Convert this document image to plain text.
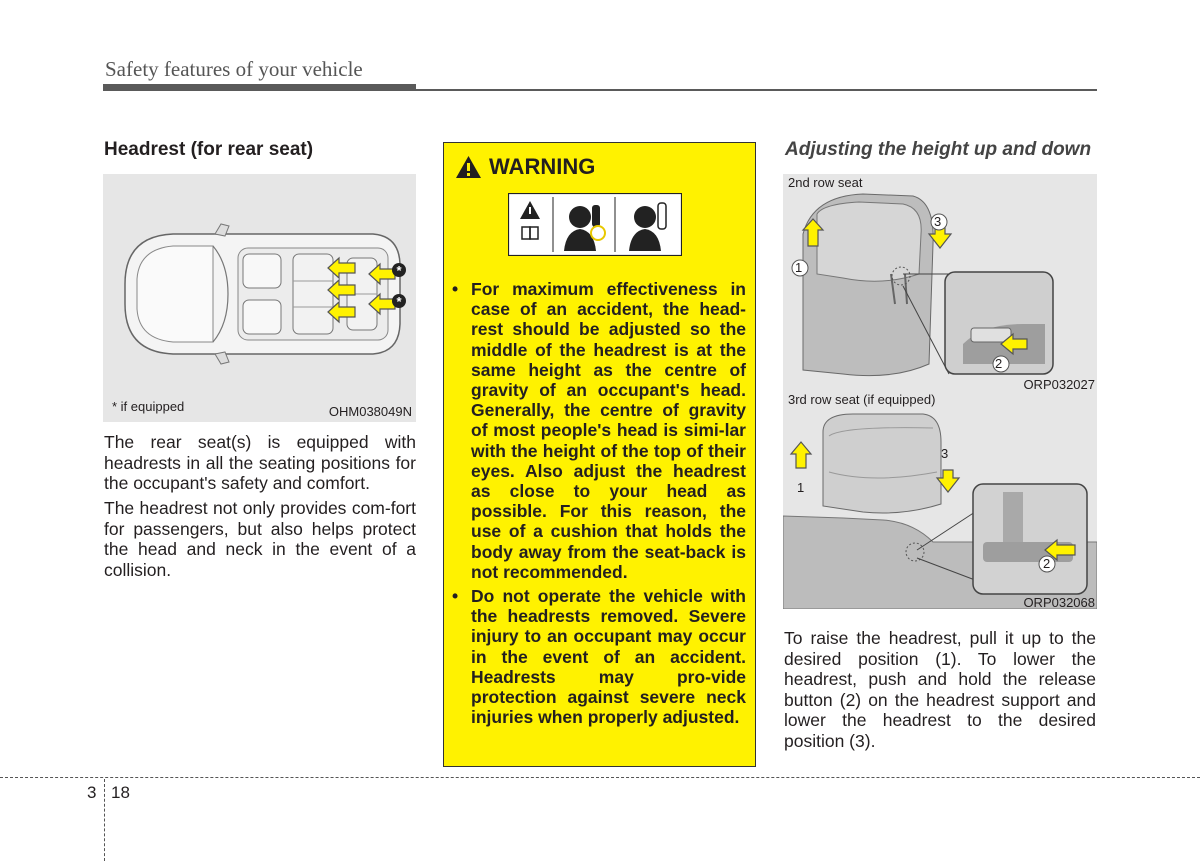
Safety features of your vehicle
Headrest (for rear seat)
*
*
* if equipped	OHM038049N
The rear seat(s) is equipped with headrests in all the seating positions for the occupant's safety and comfort.
The headrest not only provides com-fort for passengers, but also helps protect the head and neck in the event of a collision.
WARNING
• For maximum effectiveness in case of an accident, the head-rest should be adjusted so the middle of the headrest is at the same height as the centre of gravity of an occupant's head. Generally, the centre of gravity of most people's head is simi-lar with the height of the top of their eyes. Also adjust the headrest as close to your head as possible. For this reason, the use of a cushion that holds the body away from the seat-back is not recommended.
• Do not operate the vehicle with the headrests removed. Severe injury to an occupant may occur in the event of an accident. Headrests may pro-vide protection against severe neck injuries when properly adjusted.
Adjusting the height up and down
2nd row seat
1
2
3
ORP032027
3rd row seat (if equipped)
1
2
3
ORP032068
To raise the headrest, pull it up to the desired position (1). To lower the headrest, push and hold the release button (2) on the headrest support and lower the headrest to the desired position (3).
3 18
